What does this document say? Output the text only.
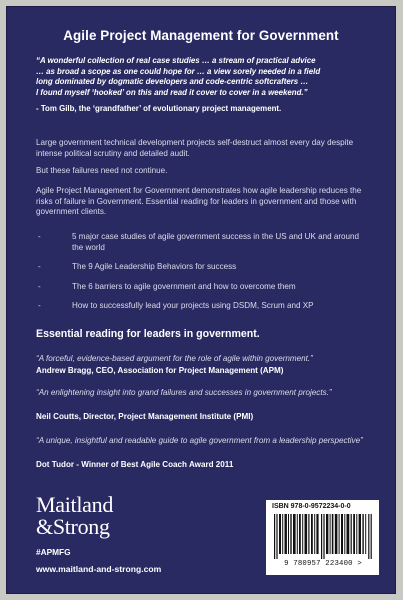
Agile Project Management for Government
“A wonderful collection of real case studies … a stream of practical advice
… as broad a scope as one could hope for … a view sorely needed in a field
long dominated by dogmatic developers and code-centric softcrafters …
I found myself ‘hooked’ on this and read it cover to cover in a weekend.”
- Tom Gilb, the ‘grandfather’ of evolutionary project management.
Large government technical development projects self-destruct almost every day despite intense political scrutiny and detailed audit.
But these failures need not continue.
Agile Project Management for Government demonstrates how agile leadership reduces the risks of failure in Government. Essential reading for leaders in government and those with government clients.
-	5 major case studies of agile government success in the US and UK and around the world
-	The 9 Agile Leadership Behaviors for success
-	The 6 barriers to agile government and how to overcome them
-	How to successfully lead your projects using DSDM, Scrum and XP
Essential reading for leaders in government.
“A forceful, evidence-based argument for the role of agile within government.”
Andrew Bragg, CEO, Association for Project Management (APM)
“An enlightening insight into grand failures and successes in government projects.”
Neil Coutts, Director, Project Management Institute (PMI)
“A unique, insightful and readable guide to agile government from a leadership perspective”
Dot Tudor - Winner of Best Agile Coach Award 2011
Maitland
&Strong
#APMFG
www.maitland-and-strong.com
ISBN 978-0-9572234-0-0
9 780957 223400 >
